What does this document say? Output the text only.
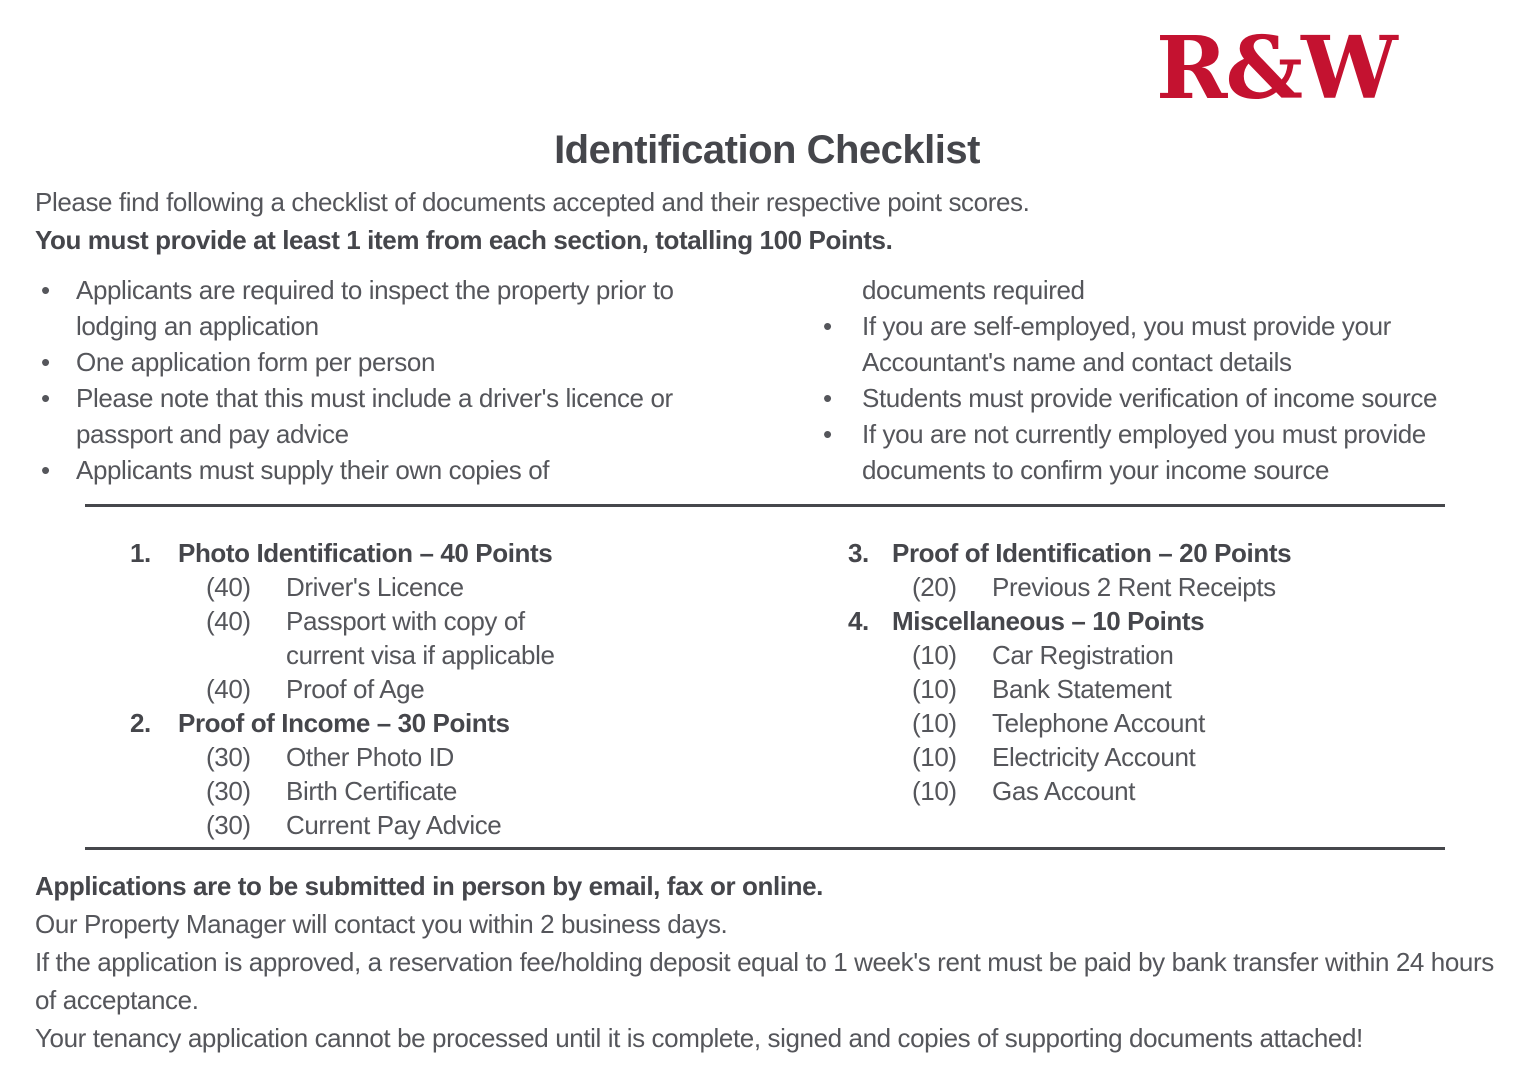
R&W
Identification Checklist
Please find following a checklist of documents accepted and their respective point scores.
You must provide at least 1 item from each section, totalling 100 Points.
•	Applicants are required to inspect the property prior to lodging an application
•	One application form per person
•	Please note that this must include a driver's licence or passport and pay advice
•	Applicants must supply their own copies of
documents required
•	If you are self-employed, you must provide your Accountant's name and contact details
•	Students must provide verification of income source
•	If you are not currently employed you must provide documents to confirm your income source
1.	Photo Identification – 40 Points
(40)	Driver's Licence
(40)	Passport with copy of current visa if applicable
(40)	Proof of Age
2.	Proof of Income – 30 Points
(30)	Other Photo ID
(30)	Birth Certificate
(30)	Current Pay Advice
3. Proof of Identification – 20 Points
(20)	Previous 2 Rent Receipts
4. Miscellaneous – 10 Points
(10)	Car Registration
(10)	Bank Statement
(10)	Telephone Account
(10)	Electricity Account
(10)	Gas Account
Applications are to be submitted in person by email, fax or online.
Our Property Manager will contact you within 2 business days.
If the application is approved, a reservation fee/holding deposit equal to 1 week's rent must be paid by bank transfer within 24 hours of acceptance.
Your tenancy application cannot be processed until it is complete, signed and copies of supporting documents attached!
